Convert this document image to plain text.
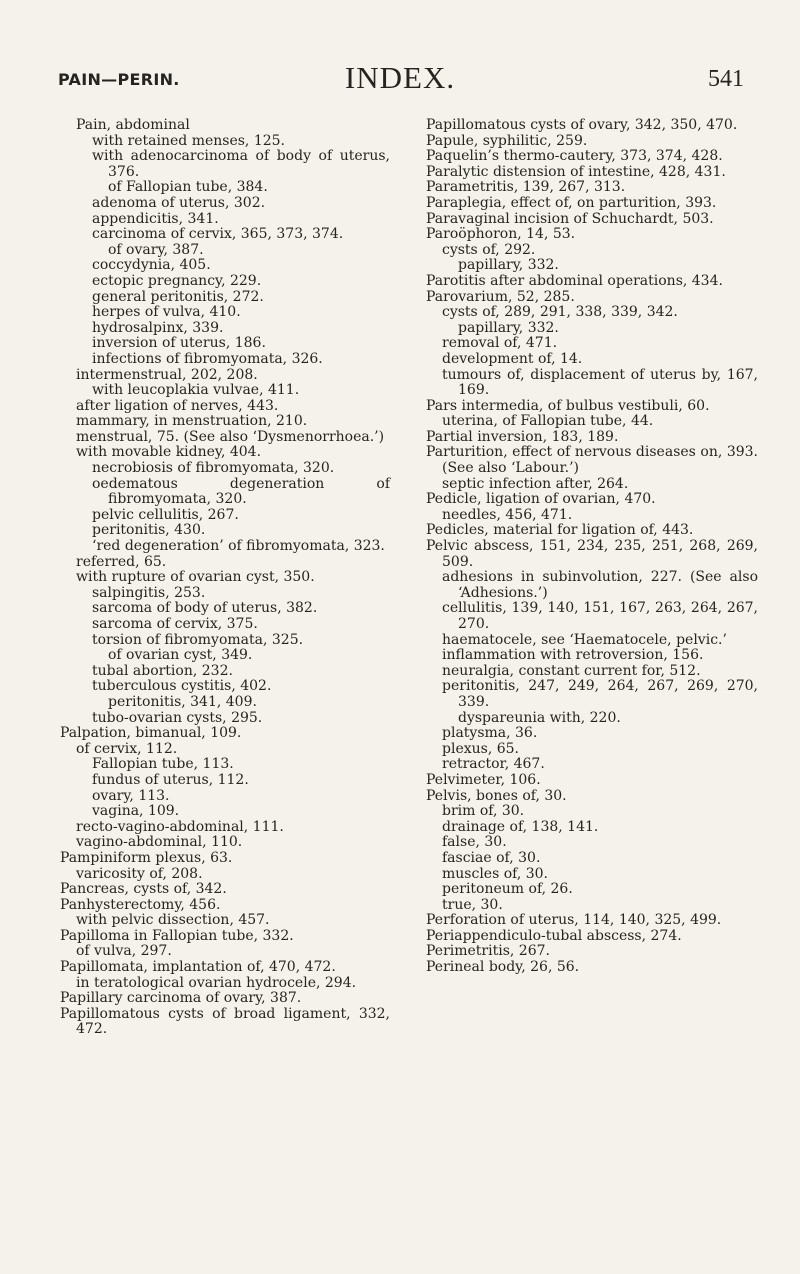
PAIN—PERIN.	INDEX.	541
Pain, abdominal
with retained menses, 125.
with adenocarcinoma of body of uterus, 376.
of Fallopian tube, 384.
adenoma of uterus, 302.
appendicitis, 341.
carcinoma of cervix, 365, 373, 374.
of ovary, 387.
coccydynia, 405.
ectopic pregnancy, 229.
general peritonitis, 272.
herpes of vulva, 410.
hydrosalpinx, 339.
inversion of uterus, 186.
infections of fibromyomata, 326.
intermenstrual, 202, 208.
with leucoplakia vulvae, 411.
after ligation of nerves, 443.
mammary, in menstruation, 210.
menstrual, 75. (See also ‘Dysmenorrhoea.’)
with movable kidney, 404.
necrobiosis of fibromyomata, 320.
oedematous degeneration of fibromyomata, 320.
pelvic cellulitis, 267.
peritonitis, 430.
‘red degeneration’ of fibromyomata, 323.
referred, 65.
with rupture of ovarian cyst, 350.
salpingitis, 253.
sarcoma of body of uterus, 382.
sarcoma of cervix, 375.
torsion of fibromyomata, 325.
of ovarian cyst, 349.
tubal abortion, 232.
tuberculous cystitis, 402.
peritonitis, 341, 409.
tubo-ovarian cysts, 295.
Palpation, bimanual, 109.
of cervix, 112.
Fallopian tube, 113.
fundus of uterus, 112.
ovary, 113.
vagina, 109.
recto-vagino-abdominal, 111.
vagino-abdominal, 110.
Pampiniform plexus, 63.
varicosity of, 208.
Pancreas, cysts of, 342.
Panhysterectomy, 456.
with pelvic dissection, 457.
Papilloma in Fallopian tube, 332.
of vulva, 297.
Papillomata, implantation of, 470, 472.
in teratological ovarian hydrocele, 294.
Papillary carcinoma of ovary, 387.
Papillomatous cysts of broad ligament, 332, 472.
Papillomatous cysts of ovary, 342, 350, 470.
Papule, syphilitic, 259.
Paquelin’s thermo-cautery, 373, 374, 428.
Paralytic distension of intestine, 428, 431.
Parametritis, 139, 267, 313.
Paraplegia, effect of, on parturition, 393.
Paravaginal incision of Schuchardt, 503.
Paroöphoron, 14, 53.
cysts of, 292.
papillary, 332.
Parotitis after abdominal operations, 434.
Parovarium, 52, 285.
cysts of, 289, 291, 338, 339, 342.
papillary, 332.
removal of, 471.
development of, 14.
tumours of, displacement of uterus by, 167, 169.
Pars intermedia, of bulbus vestibuli, 60.
uterina, of Fallopian tube, 44.
Partial inversion, 183, 189.
Parturition, effect of nervous diseases on, 393. (See also ‘Labour.’)
septic infection after, 264.
Pedicle, ligation of ovarian, 470.
needles, 456, 471.
Pedicles, material for ligation of, 443.
Pelvic abscess, 151, 234, 235, 251, 268, 269, 509.
adhesions in subinvolution, 227. (See also ‘Adhesions.’)
cellulitis, 139, 140, 151, 167, 263, 264, 267, 270.
haematocele, see ‘Haematocele, pelvic.’
inflammation with retroversion, 156.
neuralgia, constant current for, 512.
peritonitis, 247, 249, 264, 267, 269, 270, 339.
dyspareunia with, 220.
platysma, 36.
plexus, 65.
retractor, 467.
Pelvimeter, 106.
Pelvis, bones of, 30.
brim of, 30.
drainage of, 138, 141.
false, 30.
fasciae of, 30.
muscles of, 30.
peritoneum of, 26.
true, 30.
Perforation of uterus, 114, 140, 325, 499.
Periappendiculo-tubal abscess, 274.
Perimetritis, 267.
Perineal body, 26, 56.
